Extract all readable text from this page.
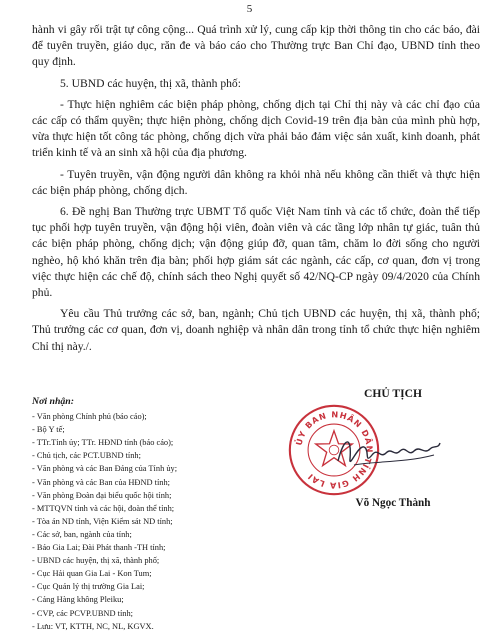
5

hành vi gây rối trật tự công cộng... Quá trình xử lý, cung cấp kịp thời thông tin cho các báo, đài để tuyên truyền, giáo dục, răn đe và báo cáo cho Thường trực Ban Chỉ đạo, UBND tỉnh theo quy định.

5. UBND các huyện, thị xã, thành phố:

- Thực hiện nghiêm các biện pháp phòng, chống dịch tại Chỉ thị này và các chỉ đạo của các cấp có thẩm quyền; thực hiện phòng, chống dịch Covid-19 trên địa bàn của mình phù hợp, vừa thực hiện tốt công tác phòng, chống dịch vừa phải bảo đảm việc sản xuất, kinh doanh, phát triển kinh tế và an sinh xã hội của địa phương.

- Tuyên truyền, vận động người dân không ra khỏi nhà nếu không cần thiết và thực hiện các biện pháp phòng, chống dịch.

6. Đề nghị Ban Thường trực UBMT Tổ quốc Việt Nam tỉnh và các tổ chức, đoàn thể tiếp tục phối hợp tuyên truyền, vận động hội viên, đoàn viên và các tầng lớp nhân tự giác, tuân thủ các biện pháp phòng, chống dịch; vận động giúp đỡ, quan tâm, chăm lo đời sống cho người nghèo, hộ khó khăn trên địa bàn; phối hợp giám sát các ngành, các cấp, cơ quan, đơn vị trong việc thực hiện các chế độ, chính sách theo Nghị quyết số 42/NQ-CP ngày 09/4/2020 của Chính phủ.

Yêu cầu Thủ trưởng các sở, ban, ngành; Chủ tịch UBND các huyện, thị xã, thành phố; Thủ trưởng các cơ quan, đơn vị, doanh nghiệp và nhân dân trong tỉnh tổ chức thực hiện nghiêm Chỉ thị này./.

Nơi nhận:
- Văn phòng Chính phủ (báo cáo);
- Bộ Y tế;
- TTr.Tỉnh ủy; TTr. HĐND tỉnh (báo cáo);
- Chủ tịch, các PCT.UBND tỉnh;
- Văn phòng và các Ban Đảng của Tỉnh ủy;
- Văn phòng và các Ban của HĐND tỉnh;
- Văn phòng Đoàn đại biểu quốc hội tỉnh;
- MTTQVN tỉnh và các hội, đoàn thể tỉnh;
- Tòa án ND tỉnh, Viện Kiểm sát ND tỉnh;
- Các sở, ban, ngành của tỉnh;
- Báo Gia Lai; Đài Phát thanh -TH tỉnh;
- UBND các huyện, thị xã, thành phố;
- Cục Hải quan Gia Lai - Kon Tum;
- Cục Quản lý thị trường Gia Lai;
- Cảng Hàng không Pleiku;
- CVP, các PCVP.UBND tỉnh;
- Lưu: VT, KTTH, NC, NL, KGVX.
CHỦ TỊCH
ỦY BAN NHÂN DÂN TỈNH GIA LAI
Võ Ngọc Thành
